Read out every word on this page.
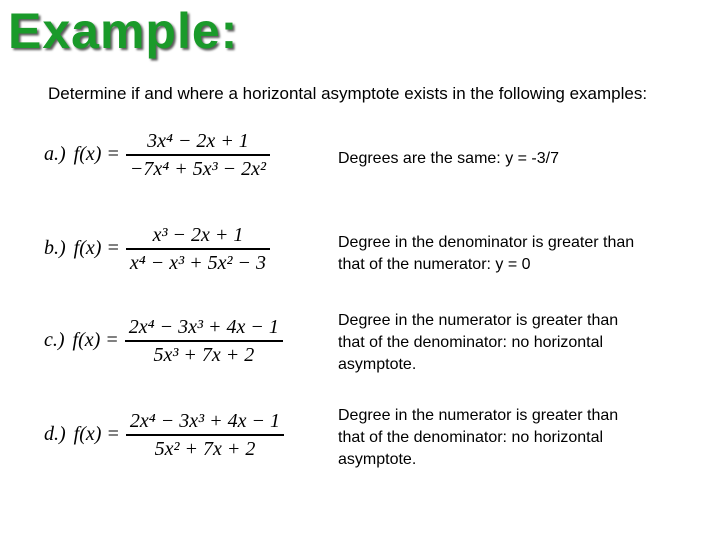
Example:
Determine if and where a horizontal asymptote exists in the following examples:
a.) $f(x) = \frac{\text{3x⁴ − 2x + 1}}{\text{−7x⁴ + 5x³ − 2x²}}$	Degrees are the same: y = -3/7
b.) $f(x) = \frac{\text{x³ − 2x + 1}}{\text{x⁴ − x³ + 5x² − 3}}$	Degree in the denominator is greater than
that of the numerator: y = 0
c.) $f(x) = \frac{\text{2x⁴ − 3x³ + 4x − 1}}{\text{5x³ + 7x + 2}}$	Degree in the numerator is greater than
that of the denominator: no horizontal
asymptote.
d.) $f(x) = \frac{\text{2x⁴ − 3x³ + 4x − 1}}{\text{5x² + 7x + 2}}$	Degree in the numerator is greater than
that of the denominator: no horizontal
asymptote.
